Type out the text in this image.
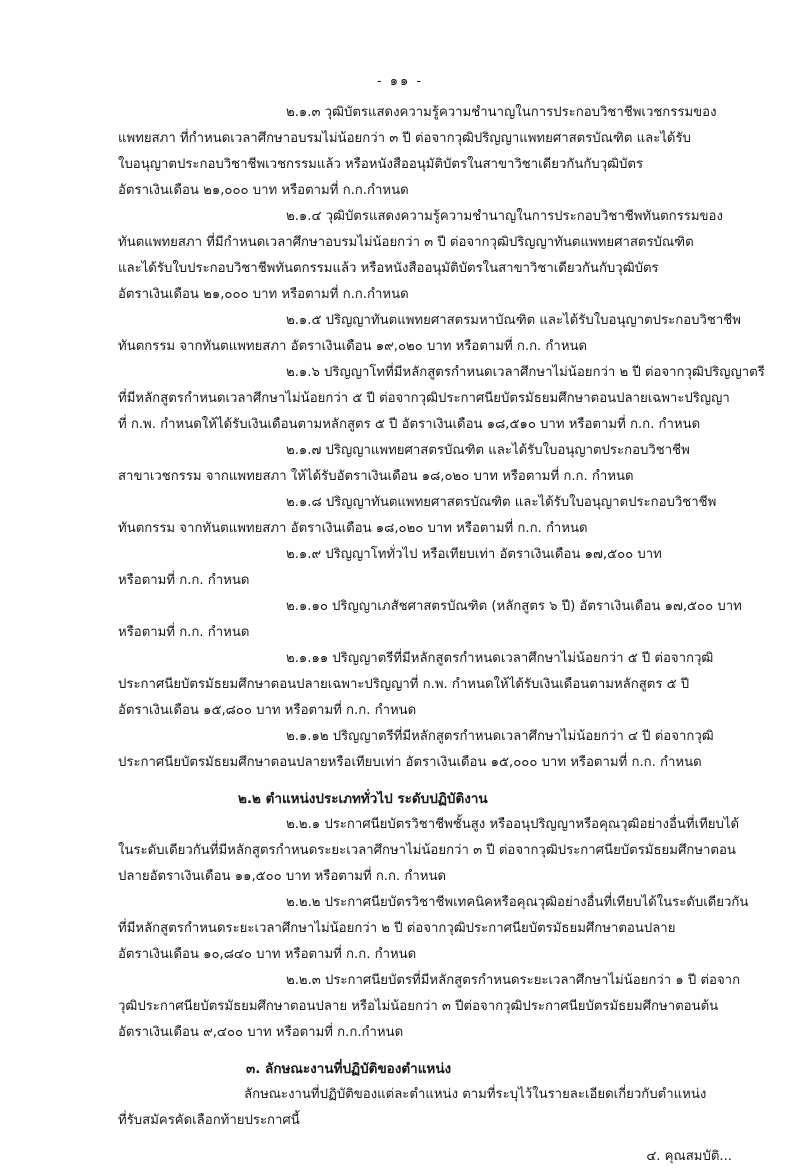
- ๑๑ -

๒.๑.๓ วุฒิบัตรแสดงความรู้ความชำนาญในการประกอบวิชาชีพเวชกรรมของ
แพทยสภา ที่กำหนดเวลาศึกษาอบรมไม่น้อยกว่า ๓ ปี ต่อจากวุฒิปริญญาแพทยศาสตรบัณฑิต และได้รับ
ใบอนุญาตประกอบวิชาชีพเวชกรรมแล้ว หรือหนังสืออนุมัติบัตรในสาขาวิชาเดียวกันกับวุฒิบัตร
อัตราเงินเดือน ๒๑,๐๐๐ บาท หรือตามที่ ก.ก.กำหนด

๒.๑.๔ วุฒิบัตรแสดงความรู้ความชำนาญในการประกอบวิชาชีพทันตกรรมของ
ทันตแพทยสภา ที่มีกำหนดเวลาศึกษาอบรมไม่น้อยกว่า ๓ ปี ต่อจากวุฒิปริญญาทันตแพทยศาสตรบัณฑิต
และได้รับใบประกอบวิชาชีพทันตกรรมแล้ว หรือหนังสืออนุมัติบัตรในสาขาวิชาเดียวกันกับวุฒิบัตร
อัตราเงินเดือน ๒๑,๐๐๐ บาท หรือตามที่ ก.ก.กำหนด

๒.๑.๕ ปริญญาทันตแพทยศาสตรมหาบัณฑิต และได้รับใบอนุญาตประกอบวิชาชีพ
ทันตกรรม จากทันตแพทยสภา อัตราเงินเดือน ๑๙,๐๒๐ บาท หรือตามที่ ก.ก. กำหนด

๒.๑.๖ ปริญญาโทที่มีหลักสูตรกำหนดเวลาศึกษาไม่น้อยกว่า ๒ ปี ต่อจากวุฒิปริญญาตรี
ที่มีหลักสูตรกำหนดเวลาศึกษาไม่น้อยกว่า ๕ ปี ต่อจากวุฒิประกาศนียบัตรมัธยมศึกษาตอนปลายเฉพาะปริญญา
ที่ ก.พ. กำหนดให้ได้รับเงินเดือนตามหลักสูตร ๕ ปี อัตราเงินเดือน ๑๘,๕๑๐ บาท หรือตามที่ ก.ก. กำหนด

๒.๑.๗ ปริญญาแพทยศาสตรบัณฑิต และได้รับใบอนุญาตประกอบวิชาชีพ
สาขาเวชกรรม จากแพทยสภา ให้ได้รับอัตราเงินเดือน ๑๘,๐๒๐ บาท หรือตามที่ ก.ก. กำหนด

๒.๑.๘ ปริญญาทันตแพทยศาสตรบัณฑิต และได้รับใบอนุญาตประกอบวิชาชีพ
ทันตกรรม จากทันตแพทยสภา อัตราเงินเดือน ๑๘,๐๒๐ บาท หรือตามที่ ก.ก. กำหนด

๒.๑.๙ ปริญญาโททั่วไป หรือเทียบเท่า อัตราเงินเดือน ๑๗,๕๐๐ บาท
หรือตามที่ ก.ก. กำหนด

๒.๑.๑๐ ปริญญาเภสัชศาสตรบัณฑิต (หลักสูตร ๖ ปี) อัตราเงินเดือน ๑๗,๕๐๐ บาท
หรือตามที่ ก.ก. กำหนด

๒.๑.๑๑ ปริญญาตรีที่มีหลักสูตรกำหนดเวลาศึกษาไม่น้อยกว่า ๕ ปี ต่อจากวุฒิ
ประกาศนียบัตรมัธยมศึกษาตอนปลายเฉพาะปริญญาที่ ก.พ. กำหนดให้ได้รับเงินเดือนตามหลักสูตร ๕ ปี
อัตราเงินเดือน ๑๕,๘๐๐ บาท หรือตามที่ ก.ก. กำหนด

๒.๑.๑๒ ปริญญาตรีที่มีหลักสูตรกำหนดเวลาศึกษาไม่น้อยกว่า ๔ ปี ต่อจากวุฒิ
ประกาศนียบัตรมัธยมศึกษาตอนปลายหรือเทียบเท่า อัตราเงินเดือน ๑๕,๐๐๐ บาท หรือตามที่ ก.ก. กำหนด

๒.๒ ตำแหน่งประเภททั่วไป ระดับปฏิบัติงาน

๒.๒.๑ ประกาศนียบัตรวิชาชีพชั้นสูง หรืออนุปริญญาหรือคุณวุฒิอย่างอื่นที่เทียบได้
ในระดับเดียวกันที่มีหลักสูตรกำหนดระยะเวลาศึกษาไม่น้อยกว่า ๓ ปี ต่อจากวุฒิประกาศนียบัตรมัธยมศึกษาตอน
ปลายอัตราเงินเดือน ๑๑,๕๐๐ บาท หรือตามที่ ก.ก. กำหนด

๒.๒.๒ ประกาศนียบัตรวิชาชีพเทคนิคหรือคุณวุฒิอย่างอื่นที่เทียบได้ในระดับเดียวกัน
ที่มีหลักสูตรกำหนดระยะเวลาศึกษาไม่น้อยกว่า ๒ ปี ต่อจากวุฒิประกาศนียบัตรมัธยมศึกษาตอนปลาย
อัตราเงินเดือน ๑๐,๘๔๐ บาท หรือตามที่ ก.ก. กำหนด

๒.๒.๓ ประกาศนียบัตรที่มีหลักสูตรกำหนดระยะเวลาศึกษาไม่น้อยกว่า ๑ ปี ต่อจาก
วุฒิประกาศนียบัตรมัธยมศึกษาตอนปลาย หรือไม่น้อยกว่า ๓ ปีต่อจากวุฒิประกาศนียบัตรมัธยมศึกษาตอนต้น
อัตราเงินเดือน ๙,๔๐๐ บาท หรือตามที่ ก.ก.กำหนด

๓. ลักษณะงานที่ปฏิบัติของตำแหน่ง

ลักษณะงานที่ปฏิบัติของแต่ละตำแหน่ง ตามที่ระบุไว้ในรายละเอียดเกี่ยวกับตำแหน่ง
ที่รับสมัครคัดเลือกท้ายประกาศนี้

๔. คุณสมบัติ...
